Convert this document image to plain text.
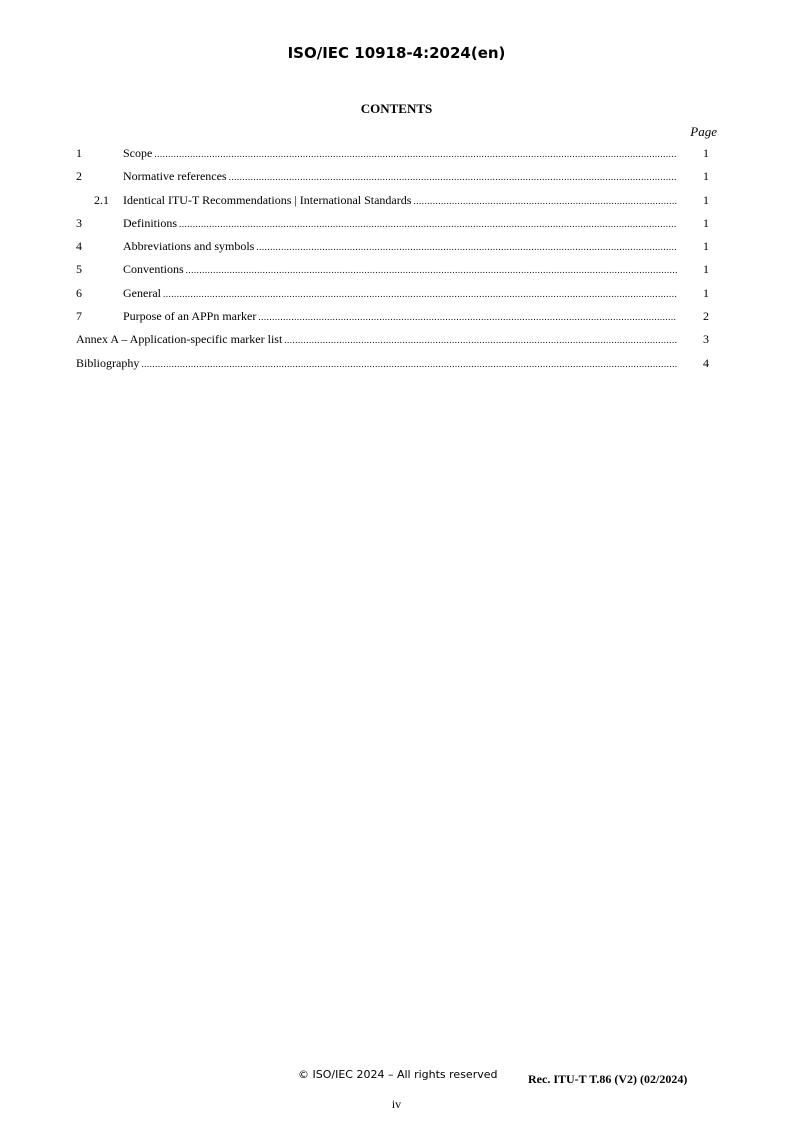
ISO/IEC 10918-4:2024(en)
CONTENTS
Page
1	Scope .....	1
2	Normative references .....	1
2.1	Identical ITU-T Recommendations | International Standards .....	1
3	Definitions .....	1
4	Abbreviations and symbols .....	1
5	Conventions .....	1
6	General .....	1
7	Purpose of an APPn marker .....	2
Annex A – Application-specific marker list .....	3
Bibliography .....	4
© ISO/IEC 2024 – All rights reserved	Rec. ITU-T T.86 (V2) (02/2024)
iv
